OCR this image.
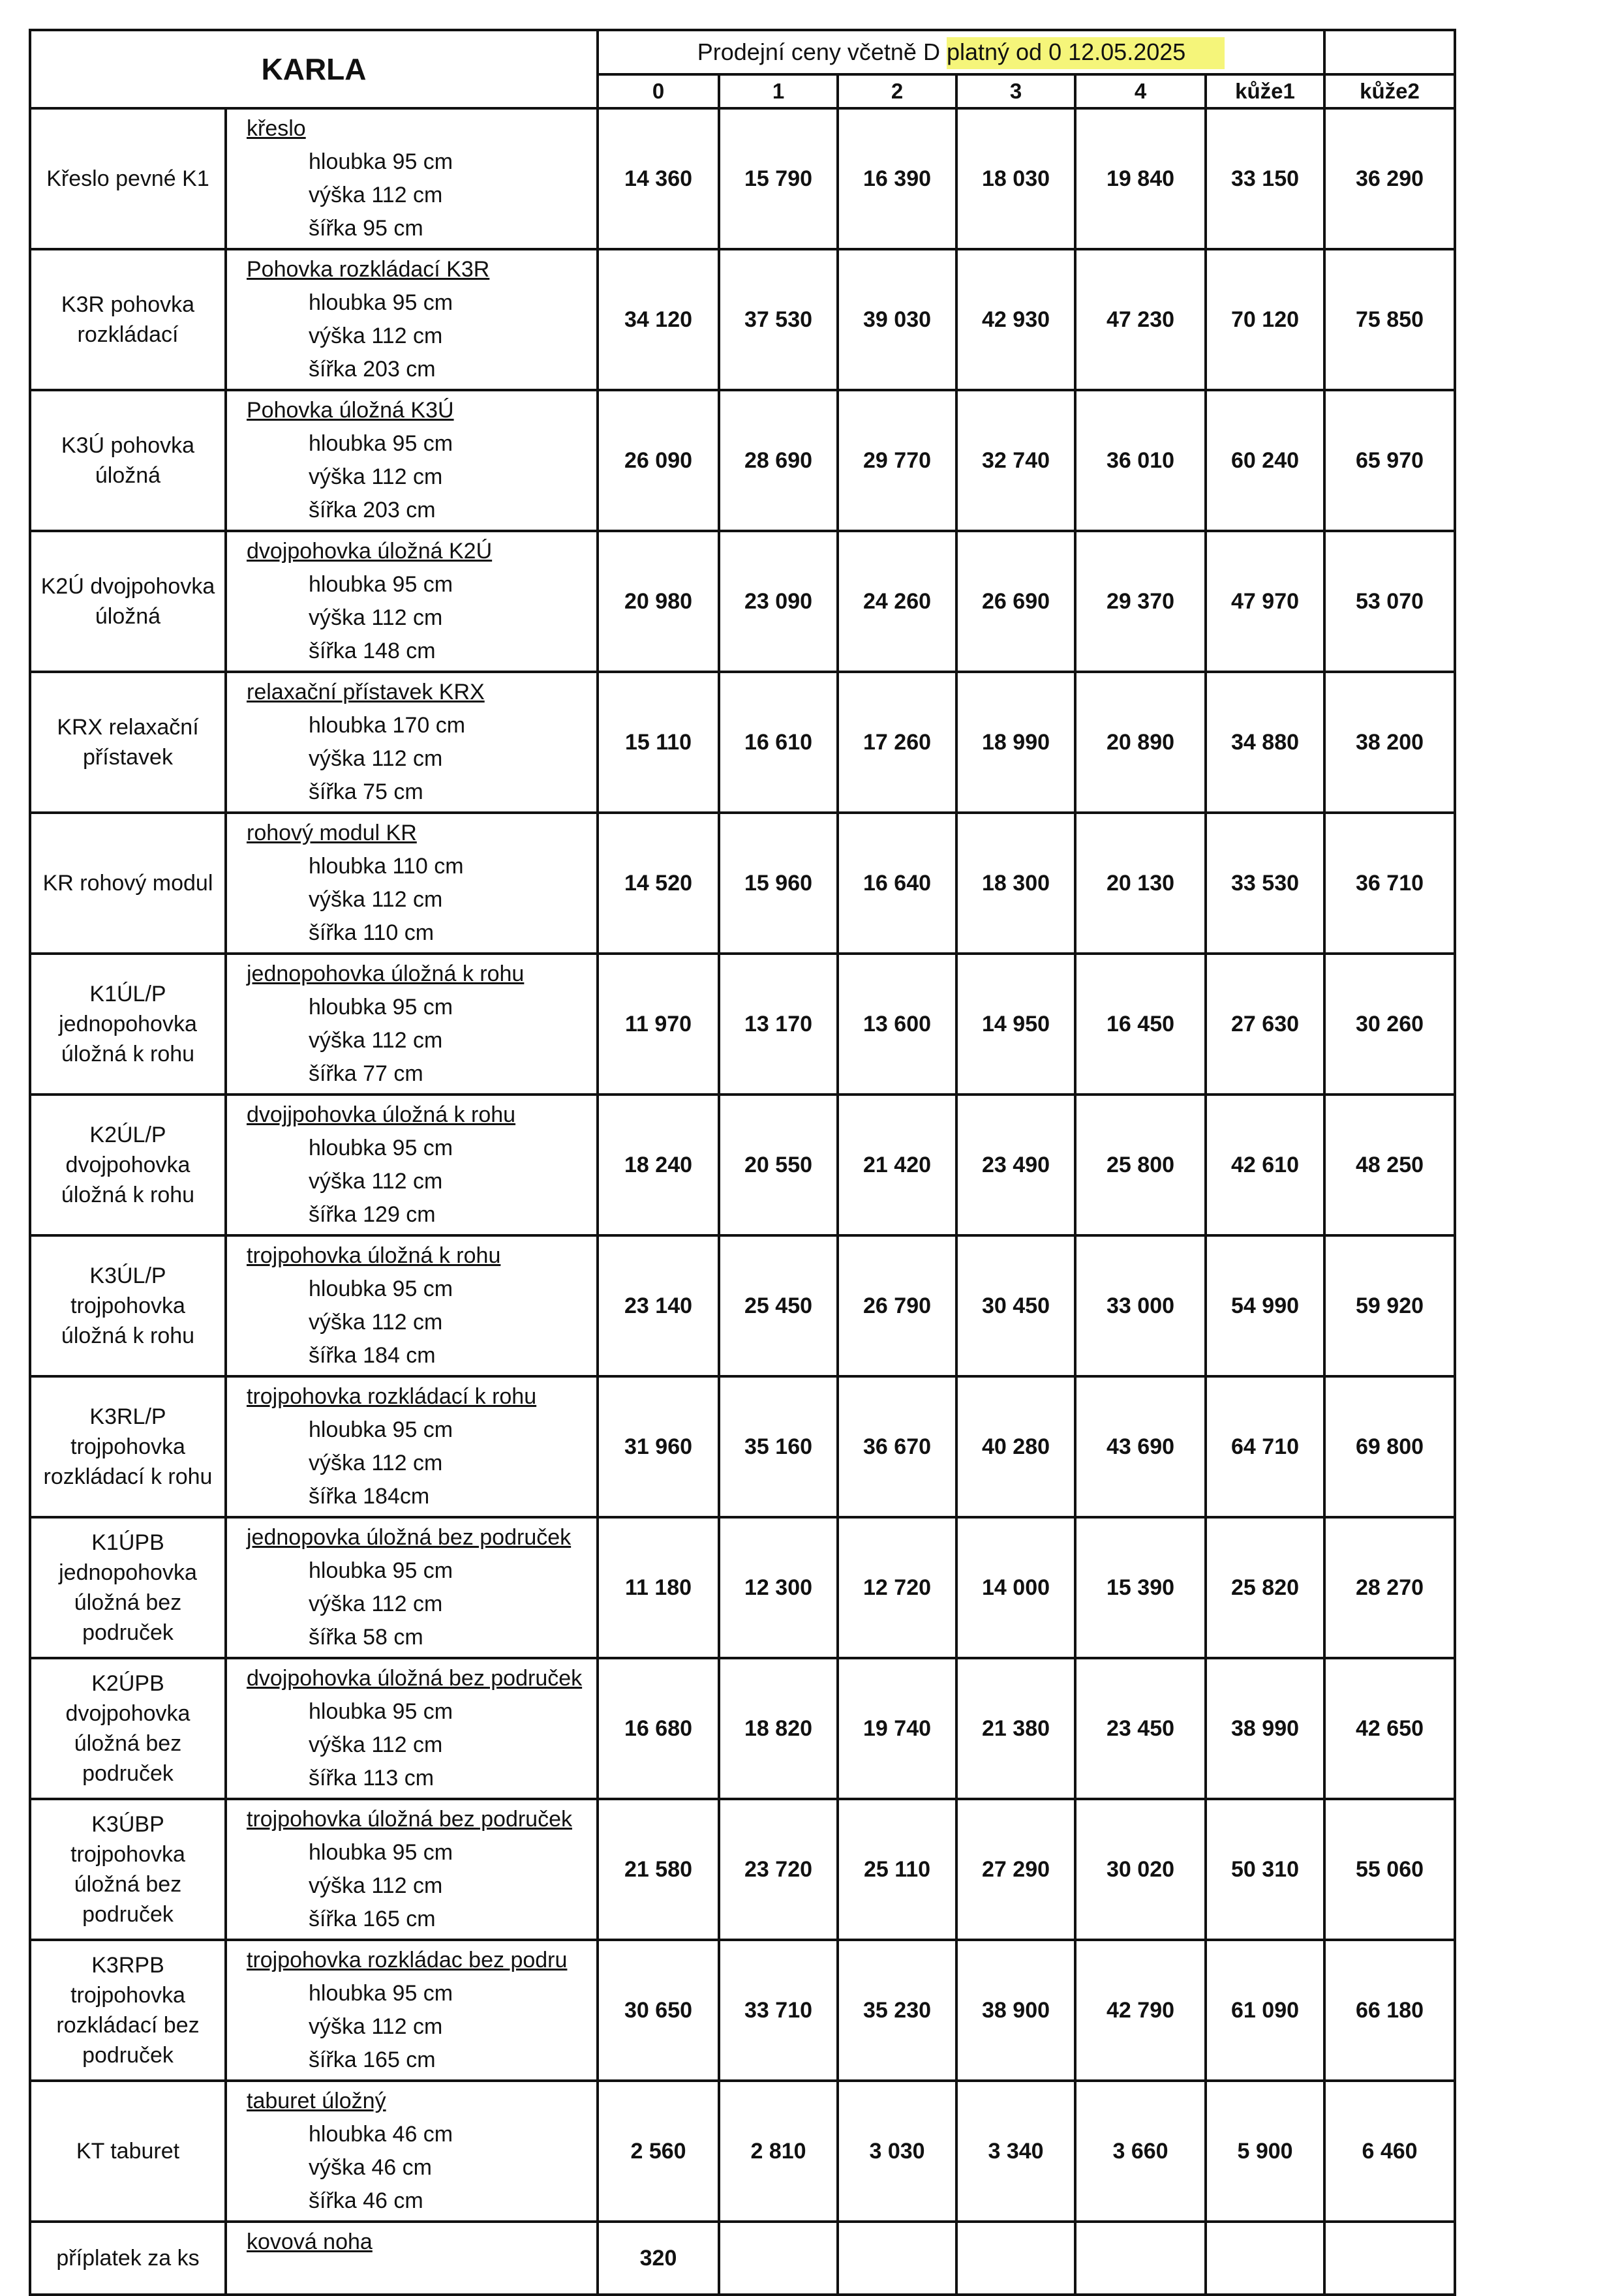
KARLA		Prodejní ceny včetně D platný od 0 12.05.2025						
		0	1	2	3	4	kůže1	kůže2
Křeslo pevné K1	křeslo
hloubka 95 cm
výška 112 cm
šířka 95 cm	14 360	15 790	16 390	18 030	19 840	33 150	36 290
K3R pohovka rozkládací	Pohovka rozkládací K3R
hloubka 95 cm
výška 112 cm
šířka 203 cm	34 120	37 530	39 030	42 930	47 230	70 120	75 850
K3Ú pohovka úložná	Pohovka úložná K3Ú
hloubka 95 cm
výška 112 cm
šířka 203 cm	26 090	28 690	29 770	32 740	36 010	60 240	65 970
K2Ú dvojpohovka úložná	dvojpohovka úložná K2Ú
hloubka 95 cm
výška 112 cm
šířka 148 cm	20 980	23 090	24 260	26 690	29 370	47 970	53 070
KRX relaxační přístavek	relaxační přístavek KRX
hloubka 170 cm
výška 112 cm
šířka 75 cm	15 110	16 610	17 260	18 990	20 890	34 880	38 200
KR rohový modul	rohový modul KR
hloubka 110 cm
výška 112 cm
šířka 110 cm	14 520	15 960	16 640	18 300	20 130	33 530	36 710
K1ÚL/P jednopohovka úložná k rohu	jednopohovka úložná k rohu
hloubka 95 cm
výška 112 cm
šířka 77 cm	11 970	13 170	13 600	14 950	16 450	27 630	30 260
K2ÚL/P dvojpohovka úložná k rohu	dvojjpohovka úložná k rohu
hloubka 95 cm
výška 112 cm
šířka 129 cm	18 240	20 550	21 420	23 490	25 800	42 610	48 250
K3ÚL/P trojpohovka úložná k rohu	trojpohovka úložná k rohu
hloubka 95 cm
výška 112 cm
šířka 184 cm	23 140	25 450	26 790	30 450	33 000	54 990	59 920
K3RL/P trojpohovka rozkládací k rohu	trojpohovka rozkládací k rohu
hloubka 95 cm
výška 112 cm
šířka 184cm	31 960	35 160	36 670	40 280	43 690	64 710	69 800
K1ÚPB jednopohovka úložná bez područek	jednopovka úložná bez područek
hloubka 95 cm
výška 112 cm
šířka 58 cm	11 180	12 300	12 720	14 000	15 390	25 820	28 270
K2ÚPB dvojpohovka úložná bez područek	dvojpohovka úložná bez područek
hloubka 95 cm
výška 112 cm
šířka 113 cm	16 680	18 820	19 740	21 380	23 450	38 990	42 650
K3ÚBP trojpohovka úložná bez područek	trojpohovka úložná bez područek
hloubka 95 cm
výška 112 cm
šířka 165 cm	21 580	23 720	25 110	27 290	30 020	50 310	55 060
K3RPB trojpohovka rozkládací bez područek	trojpohovka rozkládac bez podru
hloubka 95 cm
výška 112 cm
šířka 165 cm	30 650	33 710	35 230	38 900	42 790	61 090	66 180
KT taburet	taburet úložný
hloubka 46 cm
výška 46 cm
šířka 46 cm	2 560	2 810	3 030	3 340	3 660	5 900	6 460
příplatek za ks	kovová noha	320						
